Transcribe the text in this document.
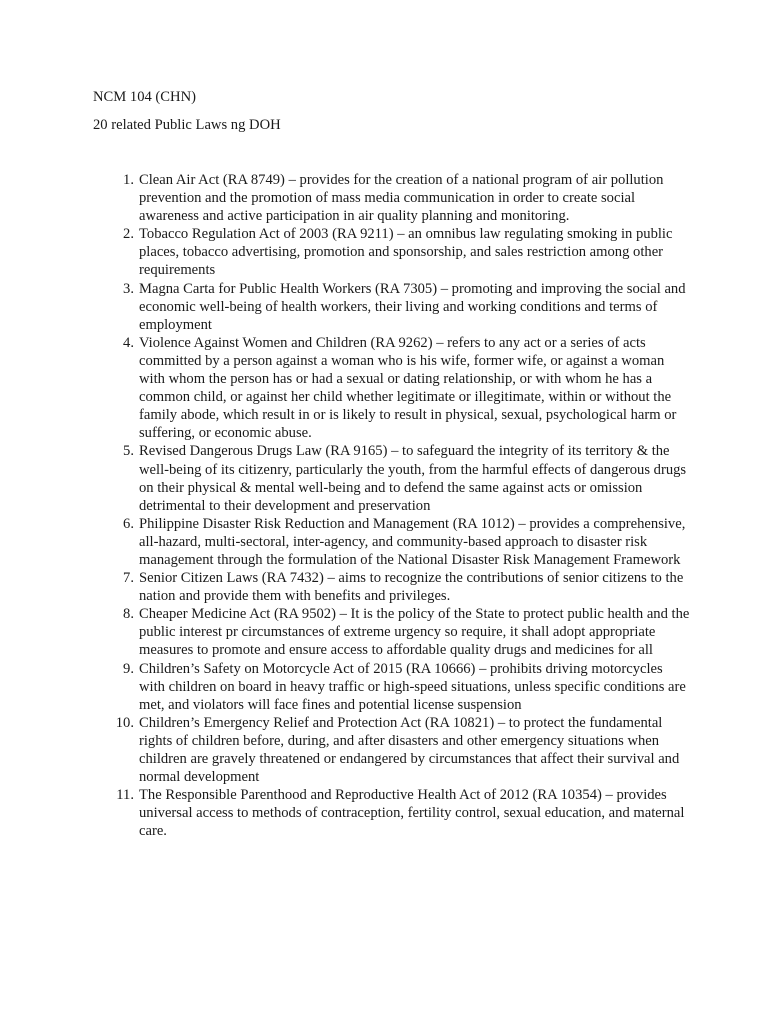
NCM 104 (CHN)
20 related Public Laws ng DOH
1. Clean Air Act (RA 8749) – provides for the creation of a national program of air pollution prevention and the promotion of mass media communication in order to create social awareness and active participation in air quality planning and monitoring.
2. Tobacco Regulation Act of 2003 (RA 9211) – an omnibus law regulating smoking in public places, tobacco advertising, promotion and sponsorship, and sales restriction among other requirements
3. Magna Carta for Public Health Workers (RA 7305) – promoting and improving the social and economic well-being of health workers, their living and working conditions and terms of employment
4. Violence Against Women and Children (RA 9262) – refers to any act or a series of acts committed by a person against a woman who is his wife, former wife, or against a woman with whom the person has or had a sexual or dating relationship, or with whom he has a common child, or against her child whether legitimate or illegitimate, within or without the family abode, which result in or is likely to result in physical, sexual, psychological harm or suffering, or economic abuse.
5. Revised Dangerous Drugs Law (RA 9165) – to safeguard the integrity of its territory & the well-being of its citizenry, particularly the youth, from the harmful effects of dangerous drugs on their physical & mental well-being and to defend the same against acts or omission detrimental to their development and preservation
6. Philippine Disaster Risk Reduction and Management (RA 1012) – provides a comprehensive, all-hazard, multi-sectoral, inter-agency, and community-based approach to disaster risk management through the formulation of the National Disaster Risk Management Framework
7. Senior Citizen Laws (RA 7432) – aims to recognize the contributions of senior citizens to the nation and provide them with benefits and privileges.
8. Cheaper Medicine Act (RA 9502) – It is the policy of the State to protect public health and the public interest pr circumstances of extreme urgency so require, it shall adopt appropriate measures to promote and ensure access to affordable quality drugs and medicines for all
9. Children’s Safety on Motorcycle Act of 2015 (RA 10666) – prohibits driving motorcycles with children on board in heavy traffic or high-speed situations, unless specific conditions are met, and violators will face fines and potential license suspension
10. Children’s Emergency Relief and Protection Act (RA 10821) – to protect the fundamental rights of children before, during, and after disasters and other emergency situations when children are gravely threatened or endangered by circumstances that affect their survival and normal development
11. The Responsible Parenthood and Reproductive Health Act of 2012 (RA 10354) – provides universal access to methods of contraception, fertility control, sexual education, and maternal care.
